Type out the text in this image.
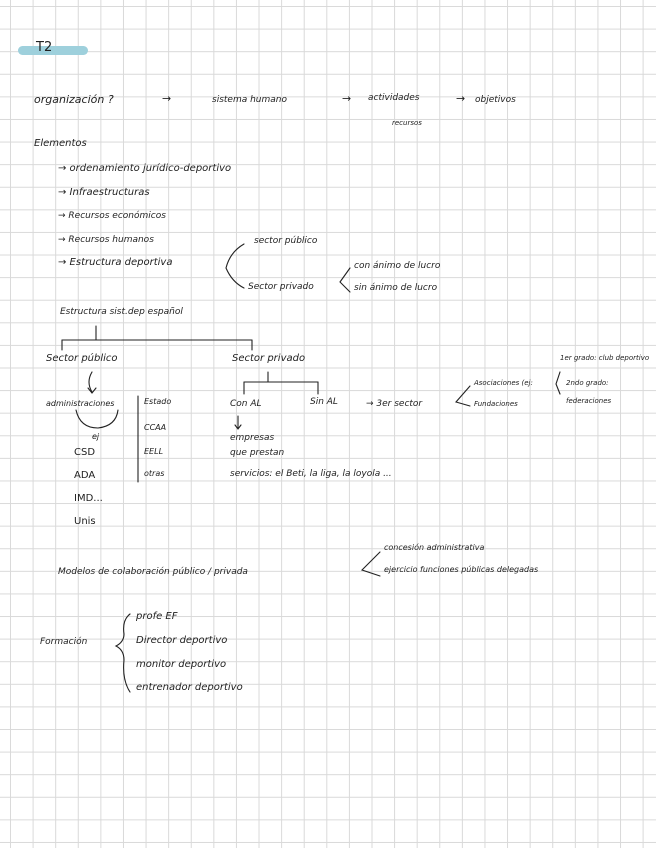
T2
organización ?	→	sistema humano	→ actividades
recursos
→ objetivos
Elementos
→ ordenamiento jurídico-deportivo
→ Infraestructuras
→ Recursos económicos
→ Recursos humanos
→ Estructura deportiva
sector público
Sector privado
con ánimo de lucro
sin ánimo de lucro
Estructura sist.dep español
Sector público	Sector privado
administraciones	Estado
CCAA
EELL
otras
ej
CSD
ADA
IMD...
Unis
Con AL
empresas
que prestan
servicios: el Beti, la liga, la loyola ...
Sin AL	→ 3er sector
Asociaciones (ej:
1er grado: club deportivo
2ndo grado:
federaciones
Fundaciones
Modelos de colaboración público / privada
concesión administrativa
ejercicio funciones públicas delegadas
Formación
profe EF
Director deportivo
monitor deportivo
entrenador deportivo
